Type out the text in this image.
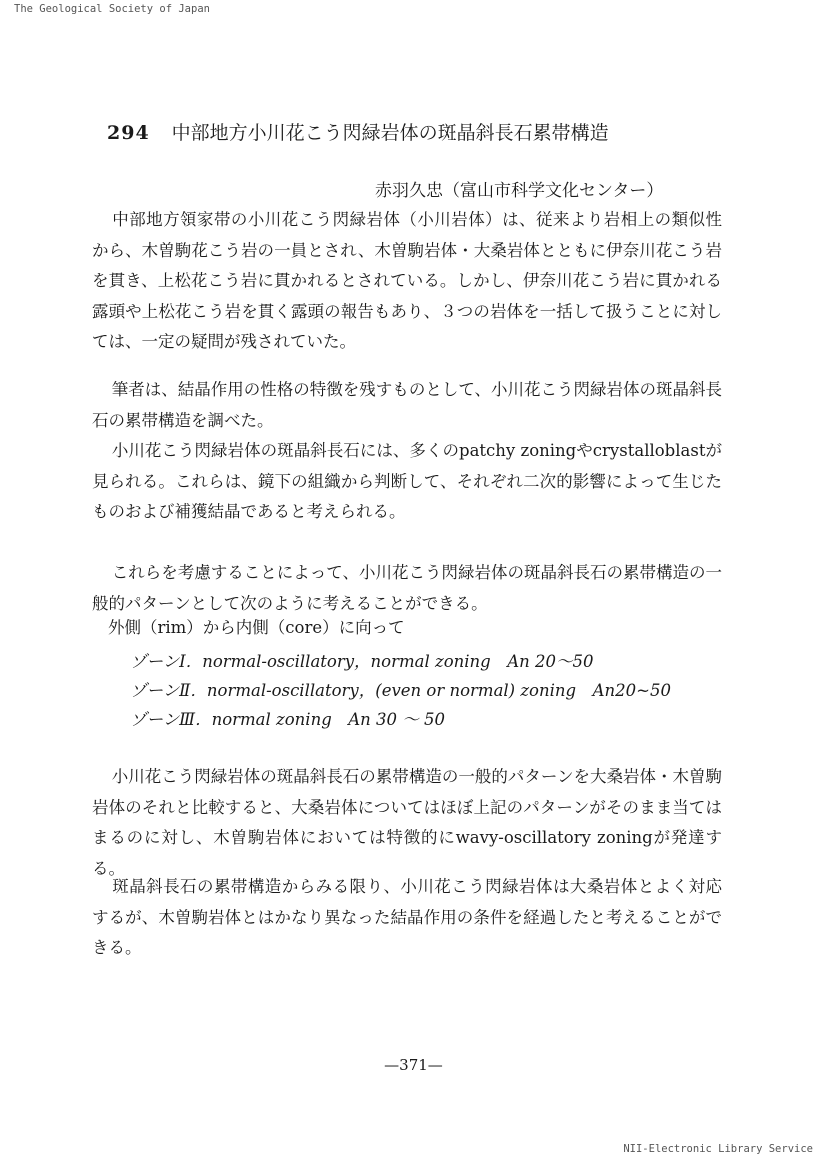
The Geological Society of Japan
294 中部地方小川花こう閃緑岩体の斑晶斜長石累帯構造
赤羽久忠（富山市科学文化センター）

中部地方領家帯の小川花こう閃緑岩体（小川岩体）は、従来より岩相上の類似性から、木曽駒花こう岩の一員とされ、木曽駒岩体・大桑岩体とともに伊奈川花こう岩を貫き、上松花こう岩に貫かれるとされている。しかし、伊奈川花こう岩に貫かれる露頭や上松花こう岩を貫く露頭の報告もあり、３つの岩体を一括して扱うことに対しては、一定の疑問が残されていた。

筆者は、結晶作用の性格の特徴を残すものとして、小川花こう閃緑岩体の斑晶斜長石の累帯構造を調べた。

小川花こう閃緑岩体の斑晶斜長石には、多くのpatchy zoningやcrystalloblastが見られる。これらは、鏡下の組織から判断して、それぞれ二次的影響によって生じたものおよび補獲結晶であると考えられる。

これらを考慮することによって、小川花こう閃緑岩体の斑晶斜長石の累帯構造の一般的パターンとして次のように考えることができる。

外側（rim）から内側（core）に向って
ゾーンⅠ．normal-oscillatory，normal zoning　An 20～50
ゾーンⅡ．normal-oscillatory，(even or normal) zoning　An20~50
ゾーンⅢ．normal zoning　An 30 ～ 50

小川花こう閃緑岩体の斑晶斜長石の累帯構造の一般的パターンを大桑岩体・木曽駒岩体のそれと比較すると、大桑岩体についてはほぼ上記のパターンがそのまま当てはまるのに対し、木曽駒岩体においては特徴的にwavy-oscillatory zoningが発達する。

斑晶斜長石の累帯構造からみる限り、小川花こう閃緑岩体は大桑岩体とよく対応するが、木曽駒岩体とはかなり異なった結晶作用の条件を経過したと考えることができる。

—371—
NII-Electronic Library Service
